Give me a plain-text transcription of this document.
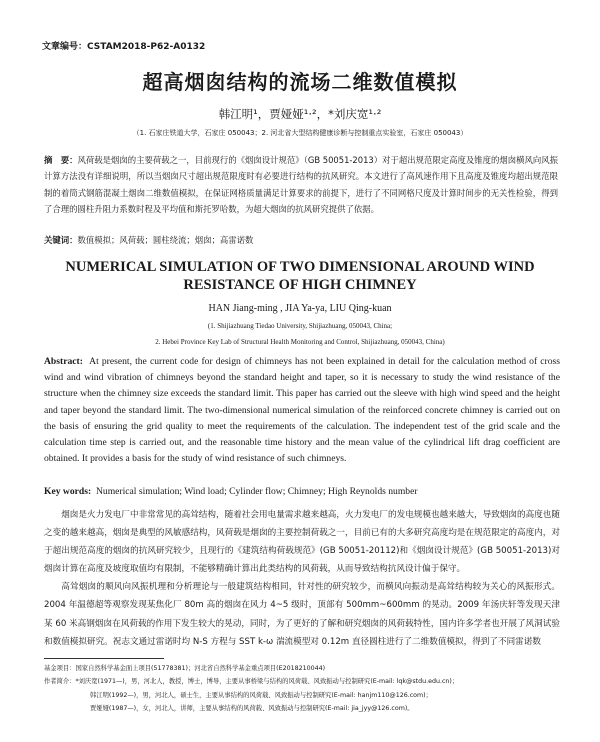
文章编号：CSTAM2018-P62-A0132
超高烟囱结构的流场二维数值模拟
韩江明¹，贾娅娅¹·²，*刘庆宽¹·²
（1. 石家庄铁道大学，石家庄 050043；2. 河北省大型结构健康诊断与控制重点实验室，石家庄 050043）
摘　要：风荷载是烟囱的主要荷载之一，目前现行的《烟囱设计规范》（GB 50051-2013）对于超出规范限定高度及锥度的烟囱横风向风振计算方法没有详细说明，所以当烟囱尺寸超出规范限度时有必要进行结构的抗风研究。本文进行了高风速作用下且高度及锥度均超出规范限制的着筒式钢筋混凝土烟囱二维数值模拟，在保证网格质量满足计算要求的前提下，进行了不同网格尺度及计算时间步的无关性检验，得到了合理的圆柱升阻力系数时程及平均值和斯托罗哈数，为超大烟囱的抗风研究提供了依据。
关键词：数值模拟；风荷载；圆柱绕流；烟囱；高雷诺数
NUMERICAL SIMULATION OF TWO DIMENSIONAL AROUND WIND
RESISTANCE OF HIGH CHIMNEY
HAN Jiang-ming , JIA Ya-ya, LIU Qing-kuan
(1. Shijiazhuang Tiedao University, Shijiazhuang, 050043, China;
2. Hebei Province Key Lab of Structural Health Monitoring and Control, Shijiazhuang, 050043, China)
Abstract: At present, the current code for design of chimneys has not been explained in detail for the calculation method of cross wind and wind vibration of chimneys beyond the standard height and taper, so it is necessary to study the wind resistance of the structure when the chimney size exceeds the standard limit. This paper has carried out the sleeve with high wind speed and the height and taper beyond the standard limit. The two-dimensional numerical simulation of the reinforced concrete chimney is carried out on the basis of ensuring the grid quality to meet the requirements of the calculation. The independent test of the grid scale and the calculation time step is carried out, and the reasonable time history and the mean value of the cylindrical lift drag coefficient are obtained. It provides a basis for the study of wind resistance of such chimneys.
Key words: Numerical simulation; Wind load; Cylinder flow; Chimney; High Reynolds number

烟囱是火力发电厂中非常常见的高耸结构，随着社会用电量需求越来越高，火力发电厂的发电规模也越来越大，导致烟囱的高度也随之变的越来越高，烟囱是典型的风敏感结构，风荷载是烟囱的主要控制荷载之一，目前已有的大多研究高度均是在规范限定的高度内，对于超出规范高度的烟囱的抗风研究较少，且现行的《建筑结构荷载规范》(GB 50051-20112)和《烟囱设计规范》(GB 50051-2013)对烟囱计算在高度及坡度取值均有限制，不能够精确计算出此类结构的风荷载，从而导致结构抗风设计偏于保守。

高耸烟囱的顺风向风振机理和分析理论与一般建筑结构相同，针对性的研究较少，而横风向振动是高耸结构较为关心的风振形式。2004 年温德超等观察发现某焦化厂 80m 高的烟囱在风力 4~5 级时，顶部有 500mm~600mm 的晃动。2009 年汤庆轩等发现天津某 60 米高钢烟囱在风荷载的作用下发生较大的晃动，同时，为了更好的了解和研究烟囱的风荷载特性，国内许多学者也开展了风洞试验和数值模拟研究。祝志文通过雷诺时均 N-S 方程与 SST k-ω 湍流模型对 0.12m 直径圆柱进行了二维数值模拟，得到了不同雷诺数

基金项目：国家自然科学基金面上项目(51778381)；河北省自然科学基金重点项目(E2018210044)
作者简介：*刘庆宽(1971—)，男，河北人，教授，博士，博导，主要从事桥梁与结构的风荷载、风致振动与控制研究(E-mail: lqk@stdu.edu.cn)；
韩江明(1992—)，男，河北人，硕士生，主要从事结构的风荷载、风致振动与控制研究(E-mail: hanjm110@126.com)；
贾娅娅(1987—)，女，河北人，讲师，主要从事结构的风荷载、风致振动与控制研究(E-mail: jia_jyy@126.com)。
